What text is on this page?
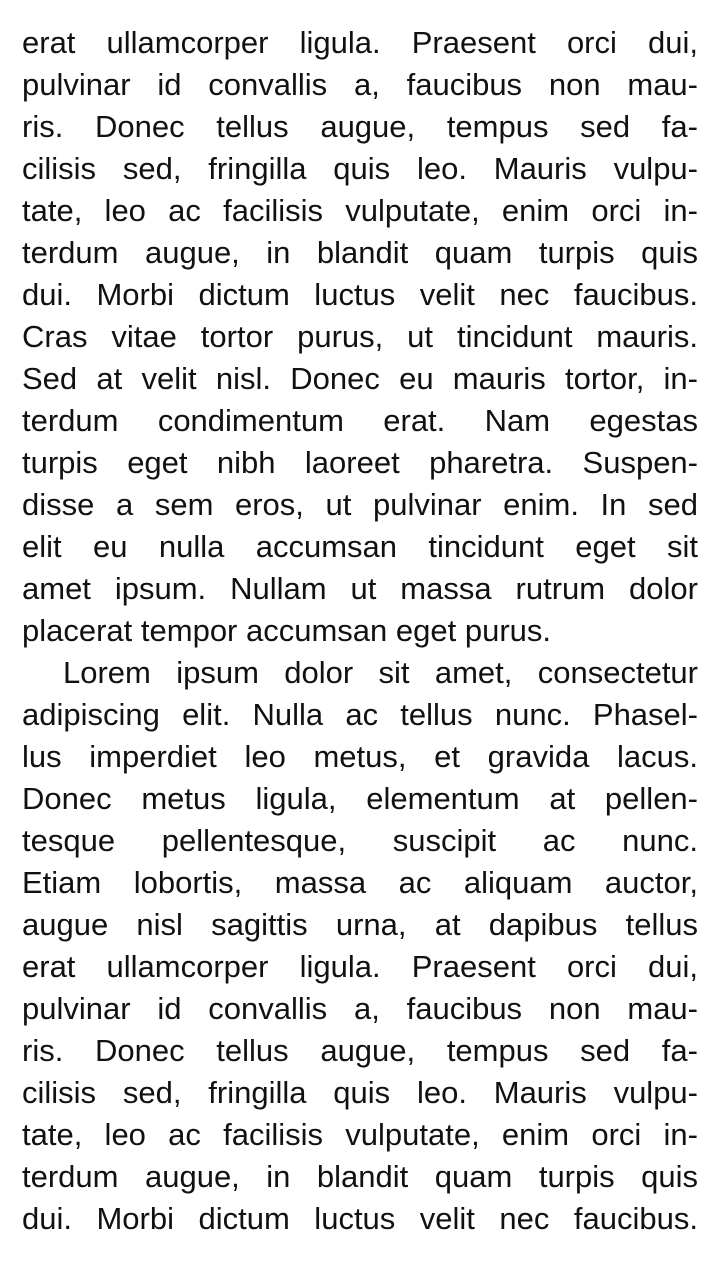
erat ullamcorper ligula. Praesent orci dui,
pulvinar id convallis a, faucibus non mau-
ris. Donec tellus augue, tempus sed fa-
cilisis sed, fringilla quis leo. Mauris vulpu-
tate, leo ac facilisis vulputate, enim orci in-
terdum augue, in blandit quam turpis quis
dui. Morbi dictum luctus velit nec faucibus.
Cras vitae tortor purus, ut tincidunt mauris.
Sed at velit nisl. Donec eu mauris tortor, in-
terdum condimentum erat. Nam egestas
turpis eget nibh laoreet pharetra. Suspen-
disse a sem eros, ut pulvinar enim. In sed
elit eu nulla accumsan tincidunt eget sit
amet ipsum. Nullam ut massa rutrum dolor
placerat tempor accumsan eget purus.
Lorem ipsum dolor sit amet, consectetur
adipiscing elit. Nulla ac tellus nunc. Phasel-
lus imperdiet leo metus, et gravida lacus.
Donec metus ligula, elementum at pellen-
tesque pellentesque, suscipit ac nunc.
Etiam lobortis, massa ac aliquam auctor,
augue nisl sagittis urna, at dapibus tellus
erat ullamcorper ligula. Praesent orci dui,
pulvinar id convallis a, faucibus non mau-
ris. Donec tellus augue, tempus sed fa-
cilisis sed, fringilla quis leo. Mauris vulpu-
tate, leo ac facilisis vulputate, enim orci in-
terdum augue, in blandit quam turpis quis
dui. Morbi dictum luctus velit nec faucibus.
